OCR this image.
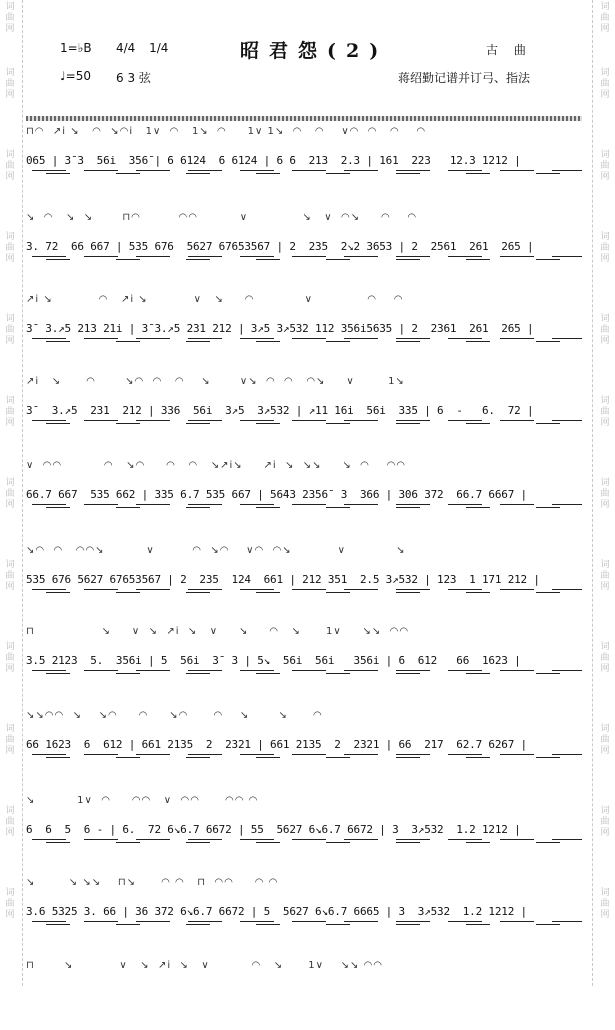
词曲网
词曲网
词曲网
词曲网
词曲网
词曲网
词曲网
词曲网
词曲网
词曲网
词曲网
词曲网
词曲网
词曲网
词曲网
词曲网
词曲网
词曲网
词曲网
词曲网
词曲网
词曲网
词曲网
词曲网
1=♭B 4/4 1/4	昭君怨(2)	古 曲
♩=50 6 3 弦	蒋绍勤记谱并订弓、指法
⊓◠  ↗i ↘   ◠  ↘◠i   1∨  ◠   1↘  ◠     1∨ 1↘  ◠   ◠    ∨◠  ◠   ◠    ◠
065 | 3̄ 3  56i  356̄ | ̄6 6124  ̄6 6124 | ̄6 ̄6  213  2.3 | 161  223   12.3 1212 |
↘  ◠   ↘  ↘       ⊓◠         ◠◠          ∨             ↘   ∨  ◠↘     ◠    ◠
3. 72  66 667 | 535 676  5627 67653567 | 2  235  2↘2 3653 | 2  2561  261  265 |
↗i ↘           ◠   ↗i ↘           ∨   ↘     ◠            ∨             ◠    ◠
3̄  3.↗5 213 21i | 3̄ 3.↗5 231 212 | 3↗5 3↗532 112 356i5635 | 2  2361  261  265 |
↗i   ↘      ◠       ↘◠  ◠   ◠    ↘       ∨↘  ◠  ◠   ◠↘     ∨        1↘
3̄   3.↗5  231  212 | 336  56i  3↗5  3↗532 | ↗11 16i  56i  335 | 6  -   ̄6.  72 |
∨  ◠◠          ◠   ↘◠     ◠   ◠   ↘↗i↘     ↗i  ↘  ↘↘     ↘  ◠    ◠◠
66.7 667  535 662 | 335 6.7 535 667 | 56̄43 2356̄  3  366 | 306 372  66.7 6667 |
↘◠  ◠   ◠◠↘          ∨         ◠  ↘◠    ∨◠  ◠↘           ∨            ↘
535 676 5627 67653567 | 2  235  124  661 | 212 351  2.5 3↗532 | 123  1 171 212 |
⊓                ↘     ∨  ↘  ↗i  ↘   ∨     ↘     ◠   ↘      1∨     ↘↘  ◠◠
3.5 2123  5.  356i | 5  56i  3̄  3 | 5↘  56i  56i   356i | ̄6  612   66  1623 |
↘↘◠◠  ↘    ↘◠     ◠     ↘◠      ◠    ↘       ↘      ◠
66 1623  6  612 | 661 2135  2  2321 | 661 2135  2  2321 | 66  217  62.7 6267 |
↘          1∨  ◠     ◠◠   ∨  ◠◠      ◠◠ ◠
6  6  5  6 - | ̄6.  72 6↘6.7 6672 | 55  5627 6↘6.7 6672 | 3  3↗532  1.2 1212 |
↘        ↘ ↘↘    ⊓↘      ◠ ◠   ⊓  ◠◠     ◠ ◠
3.6 5325 3. 66 | 36 372 6↘6.7 6672 | 5  5627 6↘6.7 6665 | 3  3↗532  1.2 1212 |
⊓       ↘           ∨   ↘  ↗i  ↘   ∨          ◠   ↘      1∨    ↘↘ ◠◠
